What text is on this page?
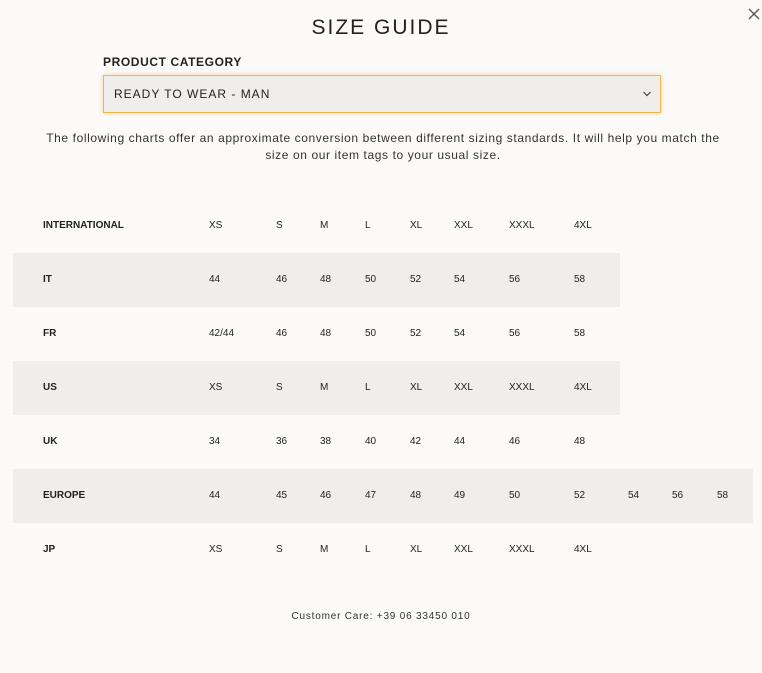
SIZE GUIDE
PRODUCT CATEGORY
READY TO WEAR - MAN
The following charts offer an approximate conversion between different sizing standards. It will help you match the size on our item tags to your usual size.
INTERNATIONAL	XS	S	M	L	XL	XXL	XXXL	4XL
IT	44	46	48	50	52	54	56	58
FR	42/44	46	48	50	52	54	56	58
US	XS	S	M	L	XL	XXL	XXXL	4XL
UK	34	36	38	40	42	44	46	48
EUROPE	44	45	46	47	48	49	50	52	54	56	58
JP	XS	S	M	L	XL	XXL	XXXL	4XL
Customer Care: +39 06 33450 010
